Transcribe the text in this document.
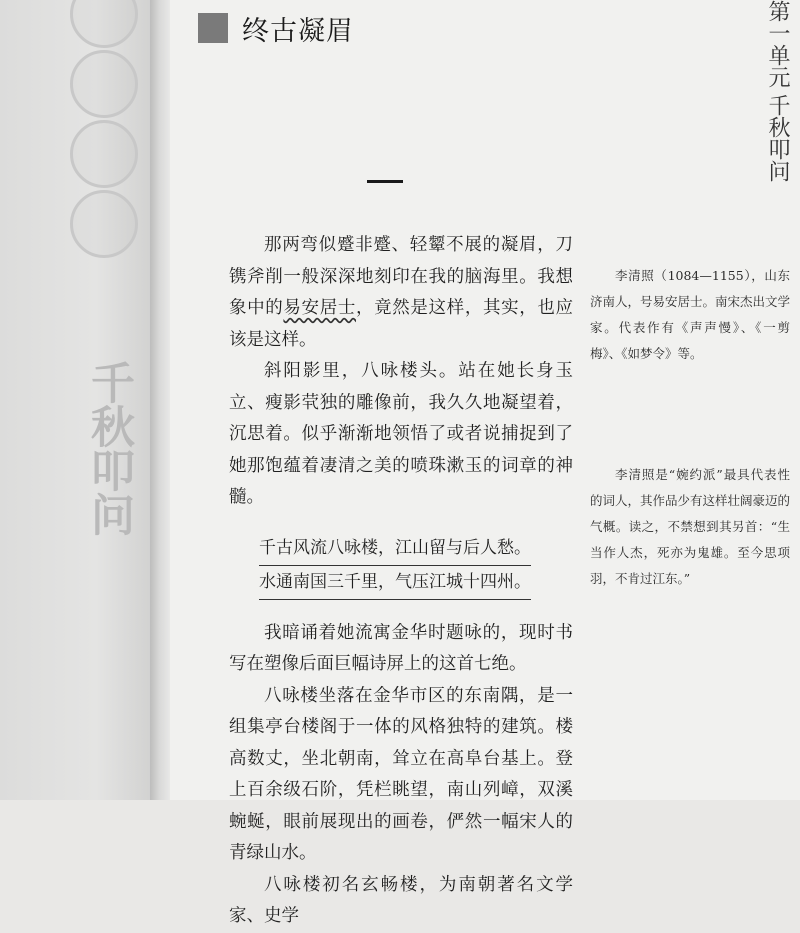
千秋叩问
终古凝眉	第一单元
千秋叩问

那两弯似蹙非蹙、轻颦不展的凝眉，刀镌斧削一般深深地刻印在我的脑海里。我想象中的易安居士，竟然是这样，其实，也应该是这样。

斜阳影里，八咏楼头。站在她长身玉立、瘦影茕独的雕像前，我久久地凝望着，沉思着。似乎渐渐地领悟了或者说捕捉到了她那饱蕴着凄清之美的喷珠漱玉的词章的神髓。

千古风流八咏楼，江山留与后人愁。
水通南国三千里，气压江城十四州。

我暗诵着她流寓金华时题咏的，现时书写在塑像后面巨幅诗屏上的这首七绝。

八咏楼坐落在金华市区的东南隅，是一组集亭台楼阁于一体的风格独特的建筑。楼高数丈，坐北朝南，耸立在高阜台基上。登上百余级石阶，凭栏眺望，南山列嶂，双溪蜿蜒，眼前展现出的画卷，俨然一幅宋人的青绿山水。

八咏楼初名玄畅楼，为南朝著名文学家、史学

李清照（1084—1155），山东济南人，号易安居士。南宋杰出文学家。代表作有《声声慢》、《一剪梅》、《如梦令》等。

李清照是“婉约派”最具代表性的词人，其作品少有这样壮阔豪迈的气概。读之，不禁想到其另首：“生当作人杰，死亦为鬼雄。至今思项羽，不肯过江东。”
